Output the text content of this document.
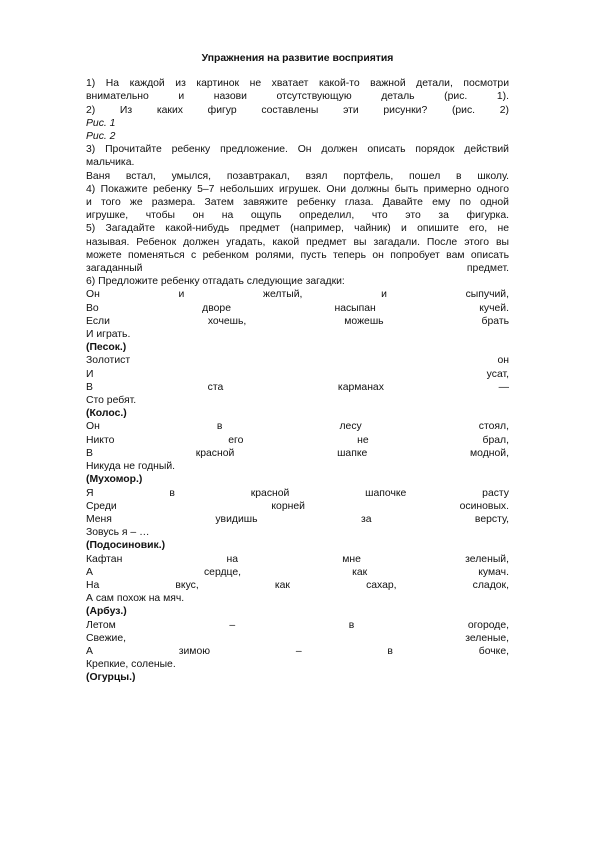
Упражнения на развитие восприятия
1) На каждой из картинок не хватает какой-то важной детали, посмотри
внимательно и назови отсутствующую деталь (рис. 1).
2) Из каких фигур составлены эти рисунки? (рис. 2)
Рис. 1
Рис. 2
3) Прочитайте ребенку предложение. Он должен описать порядок действий
мальчика.
Ваня встал, умылся, позавтракал, взял портфель, пошел в школу.
4) Покажите ребенку 5–7 небольших игрушек. Они должны быть примерно одного
и того же размера. Затем завяжите ребенку глаза. Давайте ему по одной
игрушке, чтобы он на ощупь определил, что это за фигурка.
5) Загадайте какой-нибудь предмет (например, чайник) и опишите его, не
называя. Ребенок должен угадать, какой предмет вы загадали. После этого вы
можете поменяться с ребенком ролями, пусть теперь он попробует вам описать
загаданный предмет.
6) Предложите ребенку отгадать следующие загадки:
Он и желтый, и сыпучий,
Во дворе насыпан кучей.
Если хочешь, можешь брать
И играть.
(Песок.)
Золотист он
И усат,
В ста карманах —
Сто ребят.
(Колос.)
Он в лесу стоял,
Никто его не брал,
В красной шапке модной,
Никуда не годный.
(Мухомор.)
Я в красной шапочке расту
Среди корней осиновых.
Меня увидишь за версту,
Зовусь я – …
(Подосиновик.)
Кафтан на мне зеленый,
А сердце, как кумач.
На вкус, как сахар, сладок,
А сам похож на мяч.
(Арбуз.)
Летом – в огороде,
Свежие, зеленые,
А зимою – в бочке,
Крепкие, соленые.
(Огурцы.)
